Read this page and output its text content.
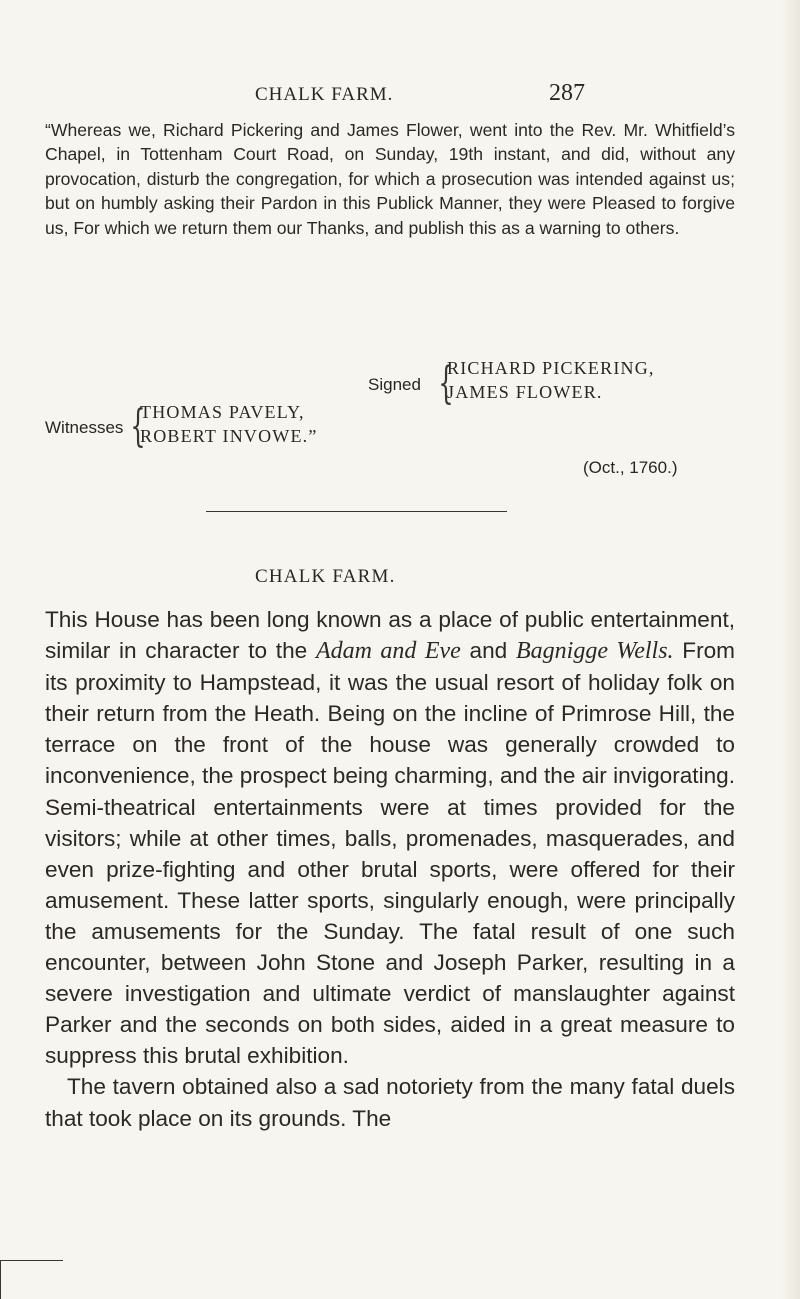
CHALK FARM.	287
“Whereas we, Richard Pickering and James Flower, went into the Rev. Mr. Whitfield’s Chapel, in Tottenham Court Road, on Sunday, 19th instant, and did, without any provocation, disturb the congregation, for which a prosecution was intended against us; but on humbly asking their Pardon in this Publick Manner, they were Pleased to forgive us, For which we return them our Thanks, and publish this as a warning to others.
Signed {
RICHARD PICKERING,
JAMES FLOWER.
Witnesses {
THOMAS PAVELY,
ROBERT INVOWE.”
(Oct., 1760.)
CHALK FARM.

This House has been long known as a place of public entertainment, similar in character to the Adam and Eve and Bagnigge Wells. From its proximity to Hampstead, it was the usual resort of holiday folk on their return from the Heath. Being on the incline of Primrose Hill, the terrace on the front of the house was generally crowded to inconvenience, the prospect being charming, and the air invigorating. Semi-theatrical entertainments were at times provided for the visitors; while at other times, balls, promenades, masquerades, and even prize-fighting and other brutal sports, were offered for their amusement. These latter sports, singularly enough, were principally the amusements for the Sunday. The fatal result of one such encounter, between John Stone and Joseph Parker, resulting in a severe investigation and ultimate verdict of manslaughter against Parker and the seconds on both sides, aided in a great measure to suppress this brutal exhibition.

The tavern obtained also a sad notoriety from the many fatal duels that took place on its grounds. The
